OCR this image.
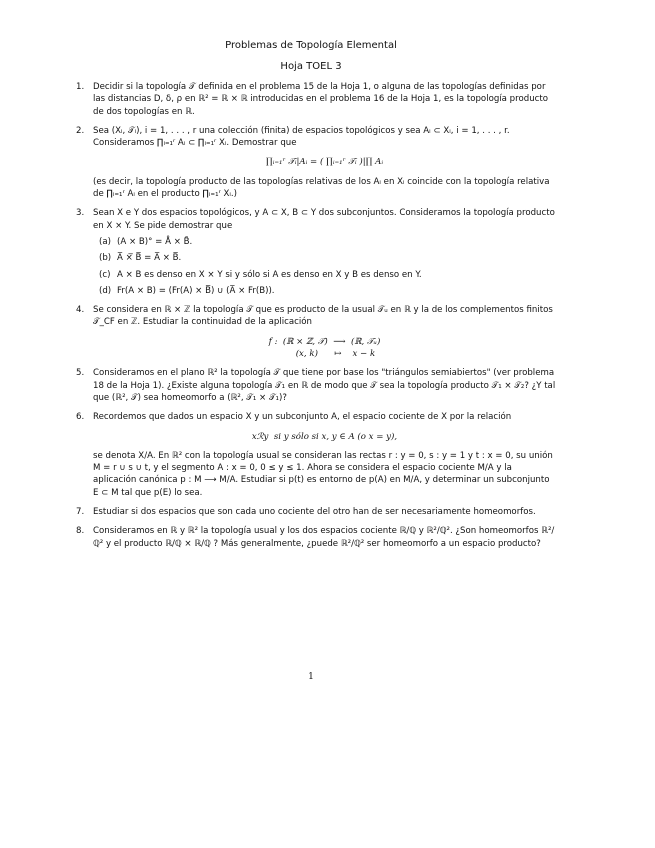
Problemas de Topología Elemental
Hoja TOEL 3
1. Decidir si la topología 𝒯 definida en el problema 15 de la Hoja 1, o alguna de las topologías definidas por las distancias D, δ, ρ en ℝ² = ℝ × ℝ introducidas en el problema 16 de la Hoja 1, es la topología producto de dos topologías en ℝ.
2. Sea (Xᵢ, 𝒯ᵢ), i = 1, . . . , r una colección (finita) de espacios topológicos y sea Aᵢ ⊂ Xᵢ, i = 1, . . . , r. Consideramos ∏ᵢ₌₁ʳ Aᵢ ⊂ ∏ᵢ₌₁ʳ Xᵢ. Demostrar que
∏ᵢ₌₁ʳ 𝒯ᵢ|Aᵢ = ( ∏ᵢ₌₁ʳ 𝒯ᵢ )|∏ Aᵢ
(es decir, la topología producto de las topologías relativas de los Aᵢ en Xᵢ coincide con la topología relativa de ∏ᵢ₌₁ʳ Aᵢ en el producto ∏ᵢ₌₁ʳ Xᵢ.)
3. Sean X e Y dos espacios topológicos, y A ⊂ X, B ⊂ Y dos subconjuntos. Consideramos la topología producto en X × Y. Se pide demostrar que
(a) (A × B)° = Å × B̊.
(b) A̅ ×̅ B̅ = A̅ × B̅.
(c) A × B es denso en X × Y si y sólo si A es denso en X y B es denso en Y.
(d) Fr(A × B) = (Fr(A) × B̅) ∪ (A̅ × Fr(B)).
4. Se considera en ℝ × ℤ la topología 𝒯 que es producto de la usual 𝒯ᵤ en ℝ y la de los complementos finitos 𝒯_CF en ℤ. Estudiar la continuidad de la aplicación
f :  (ℝ × ℤ, 𝒯)  ⟶  (ℝ, 𝒯ᵤ)
(x, k)      ↦    x − k
5. Consideramos en el plano ℝ² la topología 𝒯 que tiene por base los "triángulos semiabiertos" (ver problema 18 de la Hoja 1). ¿Existe alguna topología 𝒯₁ en ℝ de modo que 𝒯 sea la topología producto 𝒯₁ × 𝒯₂? ¿Y tal que (ℝ², 𝒯) sea homeomorfo a (ℝ², 𝒯₁ × 𝒯₁)?
6. Recordemos que dados un espacio X y un subconjunto A, el espacio cociente de X por la relación
xℛy  si y sólo si x, y ∈ A (o x = y),
se denota X/A. En ℝ² con la topología usual se consideran las rectas r : y = 0, s : y = 1 y t : x = 0, su unión M = r ∪ s ∪ t, y el segmento A : x = 0, 0 ≤ y ≤ 1. Ahora se considera el espacio cociente M/A y la aplicación canónica p : M ⟶ M/A. Estudiar si p(t) es entorno de p(A) en M/A, y determinar un subconjunto E ⊂ M tal que p(E) lo sea.
7. Estudiar si dos espacios que son cada uno cociente del otro han de ser necesariamente homeomorfos.
8. Consideramos en ℝ y ℝ² la topología usual y los dos espacios cociente ℝ/ℚ y ℝ²/ℚ². ¿Son homeomorfos ℝ²/ℚ² y el producto ℝ/ℚ × ℝ/ℚ ? Más generalmente, ¿puede ℝ²/ℚ² ser homeomorfo a un espacio producto?
1
